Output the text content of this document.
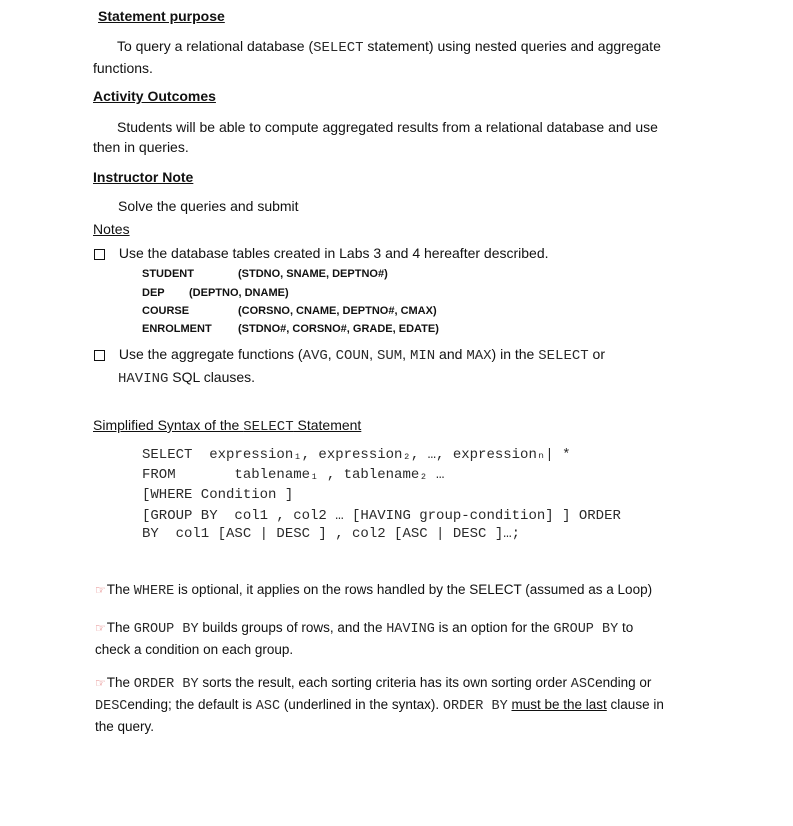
Statement purpose
To query a relational database (SELECT statement) using nested queries and aggregate
functions.
Activity Outcomes
Students will be able to compute aggregated results from a relational database and use
then in queries.
Instructor Note
Solve the queries and submit
Notes
Use the database tables created in Labs 3 and 4 hereafter described.
STUDENT	(STDNO, SNAME, DEPTNO#)
DEP (DEPTNO, DNAME)
COURSE	(CORSNO, CNAME, DEPTNO#, CMAX)
ENROLMENT (STDNO#, CORSNO#, GRADE, EDATE)
Use the aggregate functions (AVG, COUN, SUM, MIN and MAX) in the SELECT or
HAVING SQL clauses.
Simplified Syntax of the SELECT Statement
SELECT  expression₁, expression₂, …, expressionₙ| *
FROM       tablename₁ , tablename₂ …
[WHERE Condition ]
[GROUP BY  col1 , col2 … [HAVING group-condition] ] ORDER
BY  col1 [ASC | DESC ] , col2 [ASC | DESC ]…;
☞The WHERE is optional, it applies on the rows handled by the SELECT (assumed as a Loop)
☞The GROUP BY builds groups of rows, and the HAVING is an option for the GROUP BY to
check a condition on each group.
☞The ORDER BY sorts the result, each sorting criteria has its own sorting order ASCending or
DESCending; the default is ASC (underlined in the syntax). ORDER BY must be the last clause in
the query.
